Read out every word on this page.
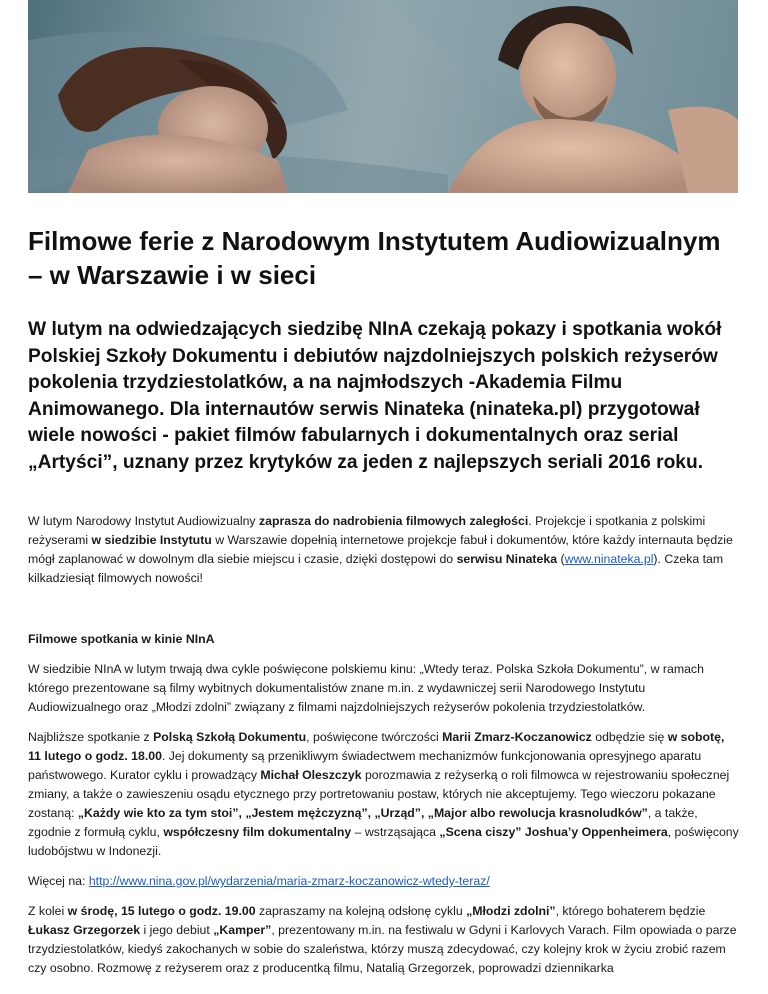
Filmowe ferie z Narodowym Instytutem Audiowizualnym – w Warszawie i w sieci

W lutym na odwiedzających siedzibę NInA czekają pokazy i spotkania wokół Polskiej Szkoły Dokumentu i debiutów najzdolniejszych polskich reżyserów pokolenia trzydziestolatków, a na najmłodszych -Akademia Filmu Animowanego. Dla internautów serwis Ninateka (ninateka.pl) przygotował wiele nowości - pakiet filmów fabularnych i dokumentalnych oraz serial „Artyści”, uznany przez krytyków za jeden z najlepszych seriali 2016 roku.

W lutym Narodowy Instytut Audiowizualny zaprasza do nadrobienia filmowych zaległości. Projekcje i spotkania z polskimi reżyserami w siedzibie Instytutu w Warszawie dopełnią internetowe projekcje fabuł i dokumentów, które każdy internauta będzie mógł zaplanować w dowolnym dla siebie miejscu i czasie, dzięki dostępowi do serwisu Ninateka (www.ninateka.pl). Czeka tam kilkadziesiąt filmowych nowości!

Filmowe spotkania w kinie NInA

W siedzibie NInA w lutym trwają dwa cykle poświęcone polskiemu kinu: „Wtedy teraz. Polska Szkoła Dokumentu”, w ramach którego prezentowane są filmy wybitnych dokumentalistów znane m.in. z wydawniczej serii Narodowego Instytutu Audiowizualnego oraz „Młodzi zdolni” związany z filmami najzdolniejszych reżyserów pokolenia trzydziestolatków.

Najbliższe spotkanie z Polską Szkołą Dokumentu, poświęcone twórczości Marii Zmarz-Koczanowicz odbędzie się w sobotę, 11 lutego o godz. 18.00. Jej dokumenty są przenikliwym świadectwem mechanizmów funkcjonowania opresyjnego aparatu państwowego. Kurator cyklu i prowadzący Michał Oleszczyk porozmawia z reżyserką o roli filmowca w rejestrowaniu społecznej zmiany, a także o zawieszeniu osądu etycznego przy portretowaniu postaw, których nie akceptujemy. Tego wieczoru pokazane zostaną: „Każdy wie kto za tym stoi”, „Jestem mężczyzną”, „Urząd”, „Major albo rewolucja krasnoludków”, a także, zgodnie z formułą cyklu, współczesny film dokumentalny – wstrząsająca „Scena ciszy” Joshua’y Oppenheimera, poświęcony ludobójstwu w Indonezji.

Więcej na: http://www.nina.gov.pl/wydarzenia/maria-zmarz-koczanowicz-wtedy-teraz/

Z kolei w środę, 15 lutego o godz. 19.00 zapraszamy na kolejną odsłonę cyklu „Młodzi zdolni”, którego bohaterem będzie Łukasz Grzegorzek i jego debiut „Kamper”, prezentowany m.in. na festiwalu w Gdyni i Karlovych Varach. Film opowiada o parze trzydziestolatków, kiedyś zakochanych w sobie do szaleństwa, którzy muszą zdecydować, czy kolejny krok w życiu zrobić razem czy osobno. Rozmowę z reżyserem oraz z producentką filmu, Natalią Grzegorzek, poprowadzi dziennikarka
